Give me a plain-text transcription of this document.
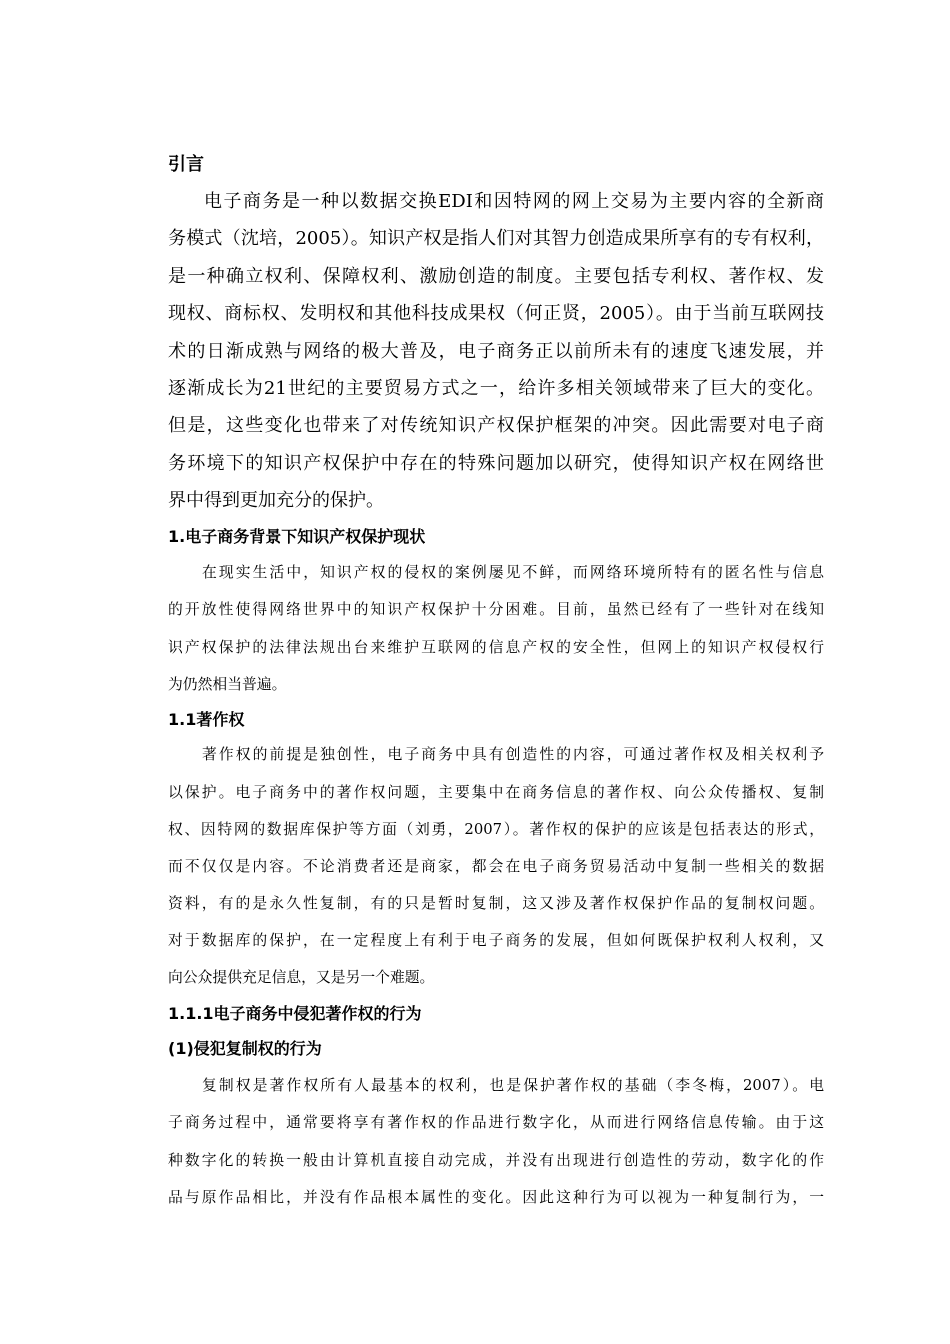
引言
电子商务是一种以数据交换EDI和因特网的网上交易为主要内容的全新商
务模式（沈培，2005）。知识产权是指人们对其智力创造成果所享有的专有权利，
是一种确立权利、保障权利、激励创造的制度。主要包括专利权、著作权、发
现权、商标权、发明权和其他科技成果权（何正贤，2005）。由于当前互联网技
术的日渐成熟与网络的极大普及，电子商务正以前所未有的速度飞速发展，并
逐渐成长为21世纪的主要贸易方式之一，给许多相关领域带来了巨大的变化。
但是，这些变化也带来了对传统知识产权保护框架的冲突。因此需要对电子商
务环境下的知识产权保护中存在的特殊问题加以研究，使得知识产权在网络世
界中得到更加充分的保护。
1.电子商务背景下知识产权保护现状
在现实生活中，知识产权的侵权的案例屡见不鲜，而网络环境所特有的匿名性与信息
的开放性使得网络世界中的知识产权保护十分困难。目前，虽然已经有了一些针对在线知
识产权保护的法律法规出台来维护互联网的信息产权的安全性，但网上的知识产权侵权行
为仍然相当普遍。
1.1著作权
著作权的前提是独创性，电子商务中具有创造性的内容，可通过著作权及相关权利予
以保护。电子商务中的著作权问题，主要集中在商务信息的著作权、向公众传播权、复制
权、因特网的数据库保护等方面（刘勇，2007）。著作权的保护的应该是包括表达的形式，
而不仅仅是内容。不论消费者还是商家，都会在电子商务贸易活动中复制一些相关的数据
资料，有的是永久性复制，有的只是暂时复制，这又涉及著作权保护作品的复制权问题。
对于数据库的保护，在一定程度上有利于电子商务的发展，但如何既保护权利人权利，又
向公众提供充足信息，又是另一个难题。
1.1.1电子商务中侵犯著作权的行为
(1)侵犯复制权的行为
复制权是著作权所有人最基本的权利，也是保护著作权的基础（李冬梅，2007）。电
子商务过程中，通常要将享有著作权的作品进行数字化，从而进行网络信息传输。由于这
种数字化的转换一般由计算机直接自动完成，并没有出现进行创造性的劳动，数字化的作
品与原作品相比，并没有作品根本属性的变化。因此这种行为可以视为一种复制行为，一
